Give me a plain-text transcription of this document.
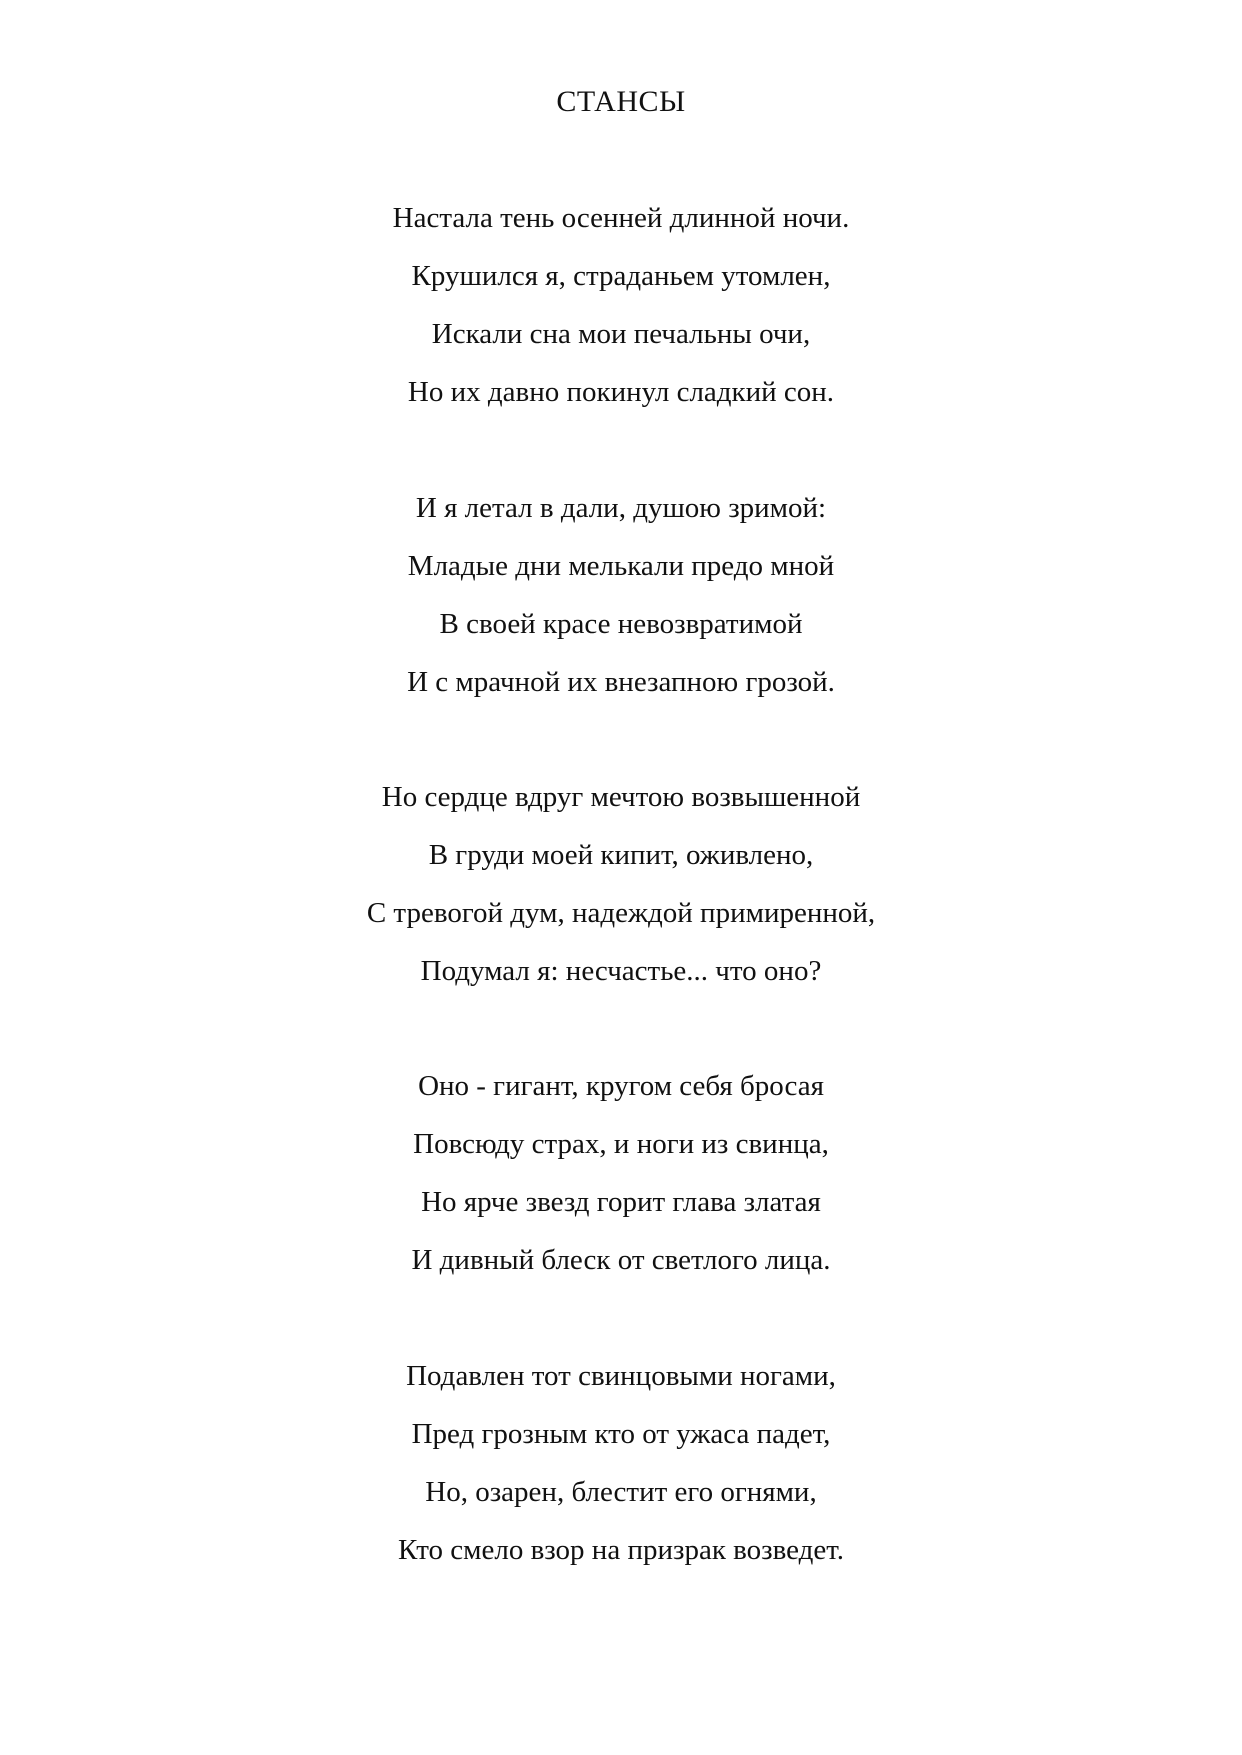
СТАНСЫ
Настала тень осенней длинной ночи.
Крушился я, страданьем утомлен,
Искали сна мои печальны очи,
Но их давно покинул сладкий сон.
И я летал в дали, душою зримой:
Младые дни мелькали предо мной
В своей красе невозвратимой
И с мрачной их внезапною грозой.
Но сердце вдруг мечтою возвышенной
В груди моей кипит, оживлено,
С тревогой дум, надеждой примиренной,
Подумал я: несчастье... что оно?
Оно - гигант, кругом себя бросая
Повсюду страх, и ноги из свинца,
Но ярче звезд горит глава златая
И дивный блеск от светлого лица.
Подавлен тот свинцовыми ногами,
Пред грозным кто от ужаса падет,
Но, озарен, блестит его огнями,
Кто смело взор на призрак возведет.
